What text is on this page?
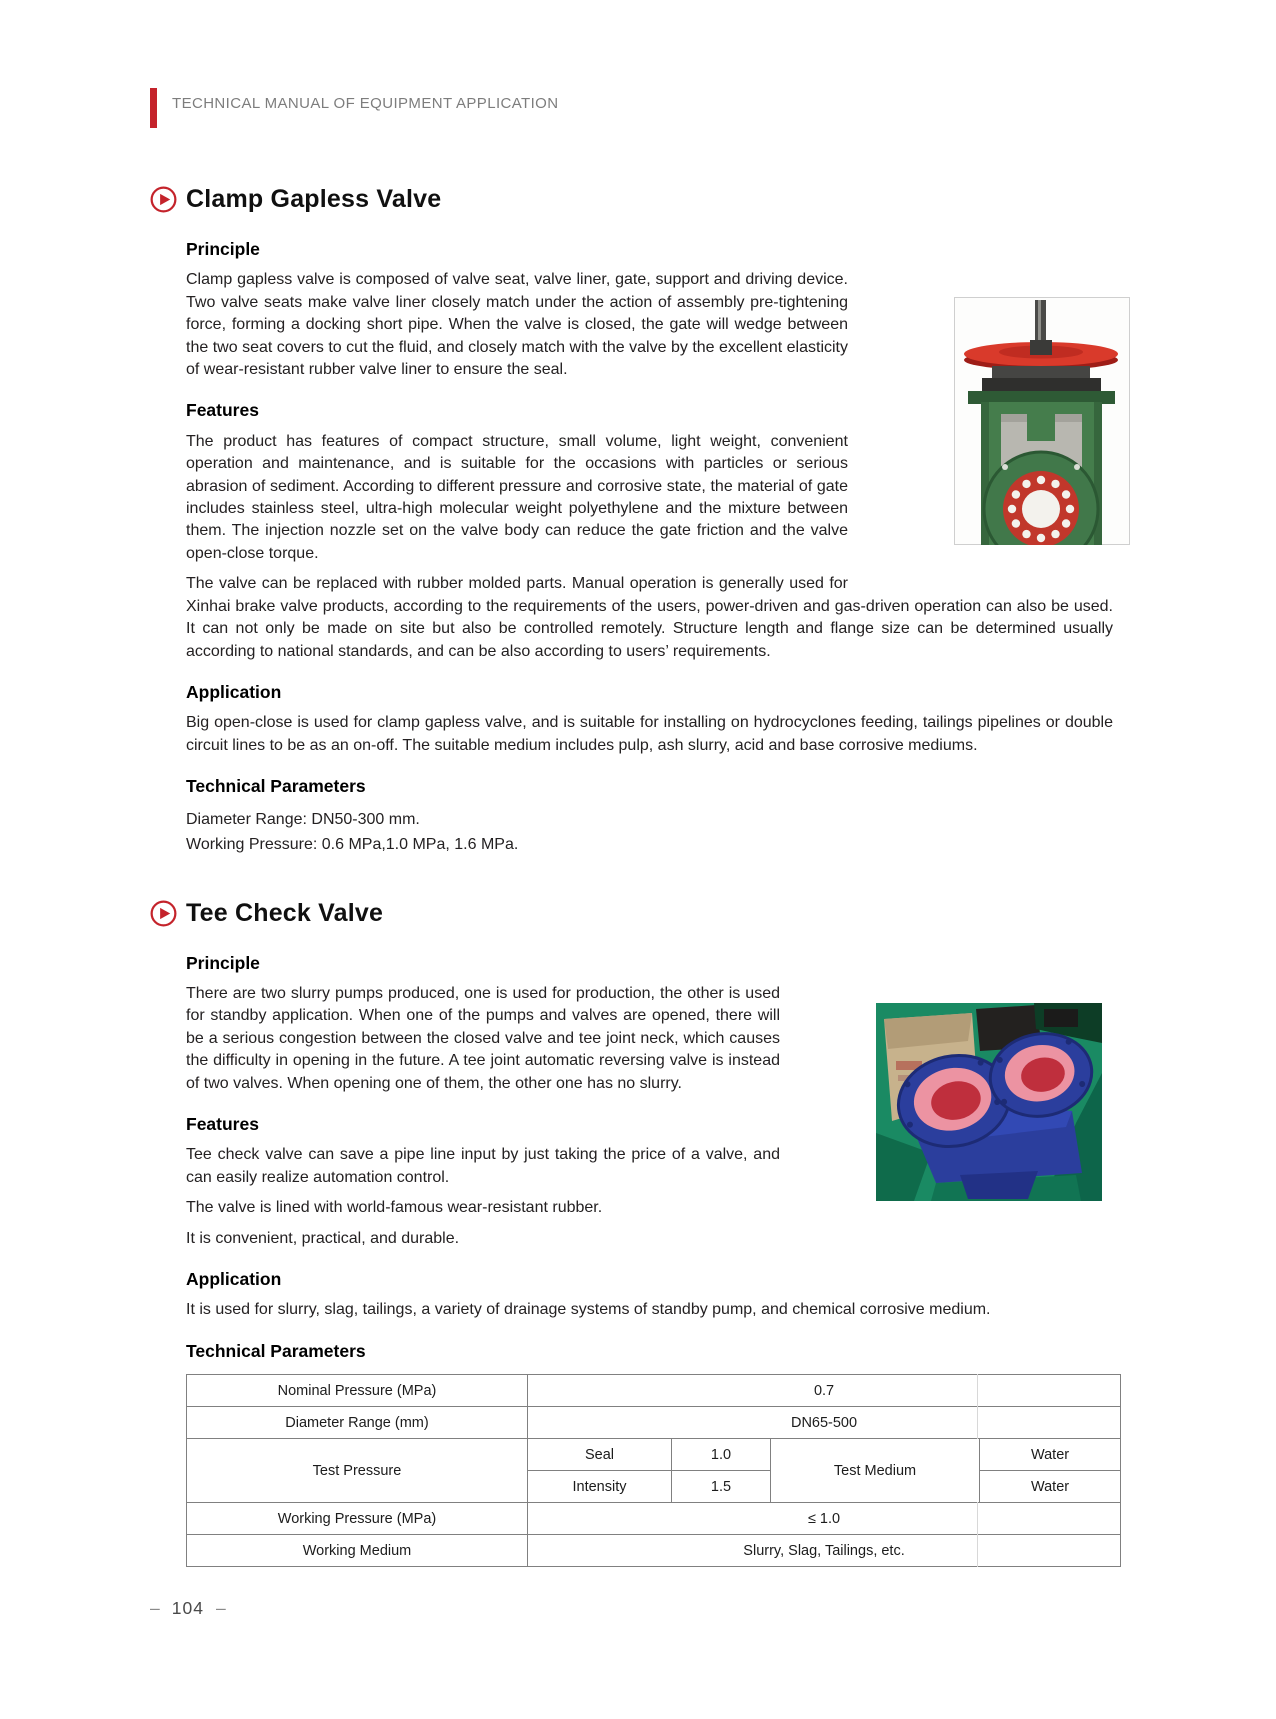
TECHNICAL MANUAL OF EQUIPMENT APPLICATION
Clamp Gapless Valve
Principle

Clamp gapless valve is composed of valve seat, valve liner, gate, support and driving device. Two valve seats make valve liner closely match under the action of assembly pre-tightening force, forming a docking short pipe. When the valve is closed, the gate will wedge between the two seat covers to cut the fluid, and closely match with the valve by the excellent elasticity of wear-resistant rubber valve liner to ensure the seal.

Features

The product has features of compact structure, small volume, light weight, convenient operation and maintenance, and is suitable for the occasions with particles or serious abrasion of sediment. According to different pressure and corrosive state, the material of gate includes stainless steel, ultra-high molecular weight polyethylene and the mixture between them. The injection nozzle set on the valve body can reduce the gate friction and the valve open-close torque.

The valve can be replaced with rubber molded parts. Manual operation is generally used for Xinhai brake valve products, according to the requirements of the users, power-driven and gas-driven operation can also be used. It can not only be made on site but also be controlled remotely. Structure length and flange size can be determined usually according to national standards, and can be also according to users’ requirements.

Application

Big open-close is used for clamp gapless valve, and is suitable for installing on hydrocyclones feeding, tailings pipelines or double circuit lines to be as an on-off. The suitable medium includes pulp, ash slurry, acid and base corrosive mediums.

Technical Parameters

Diameter Range: DN50-300 mm.

Working Pressure: 0.6 MPa,1.0 MPa, 1.6 MPa.

Tee Check Valve
Principle

There are two slurry pumps produced, one is used for production, the other is used for standby application. When one of the pumps and valves are opened, there will be a serious congestion between the closed valve and tee joint neck, which causes the difficulty in opening in the future. A tee joint automatic reversing valve is instead of two valves. When opening one of them, the other one has no slurry.

Features

Tee check valve can save a pipe line input by just taking the price of a valve, and can easily realize automation control.

The valve is lined with world-famous wear-resistant rubber.

It is convenient, practical, and durable.

Application

It is used for slurry, slag, tailings, a variety of drainage systems of standby pump, and chemical corrosive medium.

Technical Parameters
Nominal Pressure (MPa)	0.7			
Diameter Range (mm)	DN65-500			
Test Pressure	Seal	1.0	Test Medium	Water
	Intensity	1.5		Water
Working Pressure (MPa)	≤ 1.0			
Working Medium	Slurry, Slag, Tailings, etc.			
– 104 –
